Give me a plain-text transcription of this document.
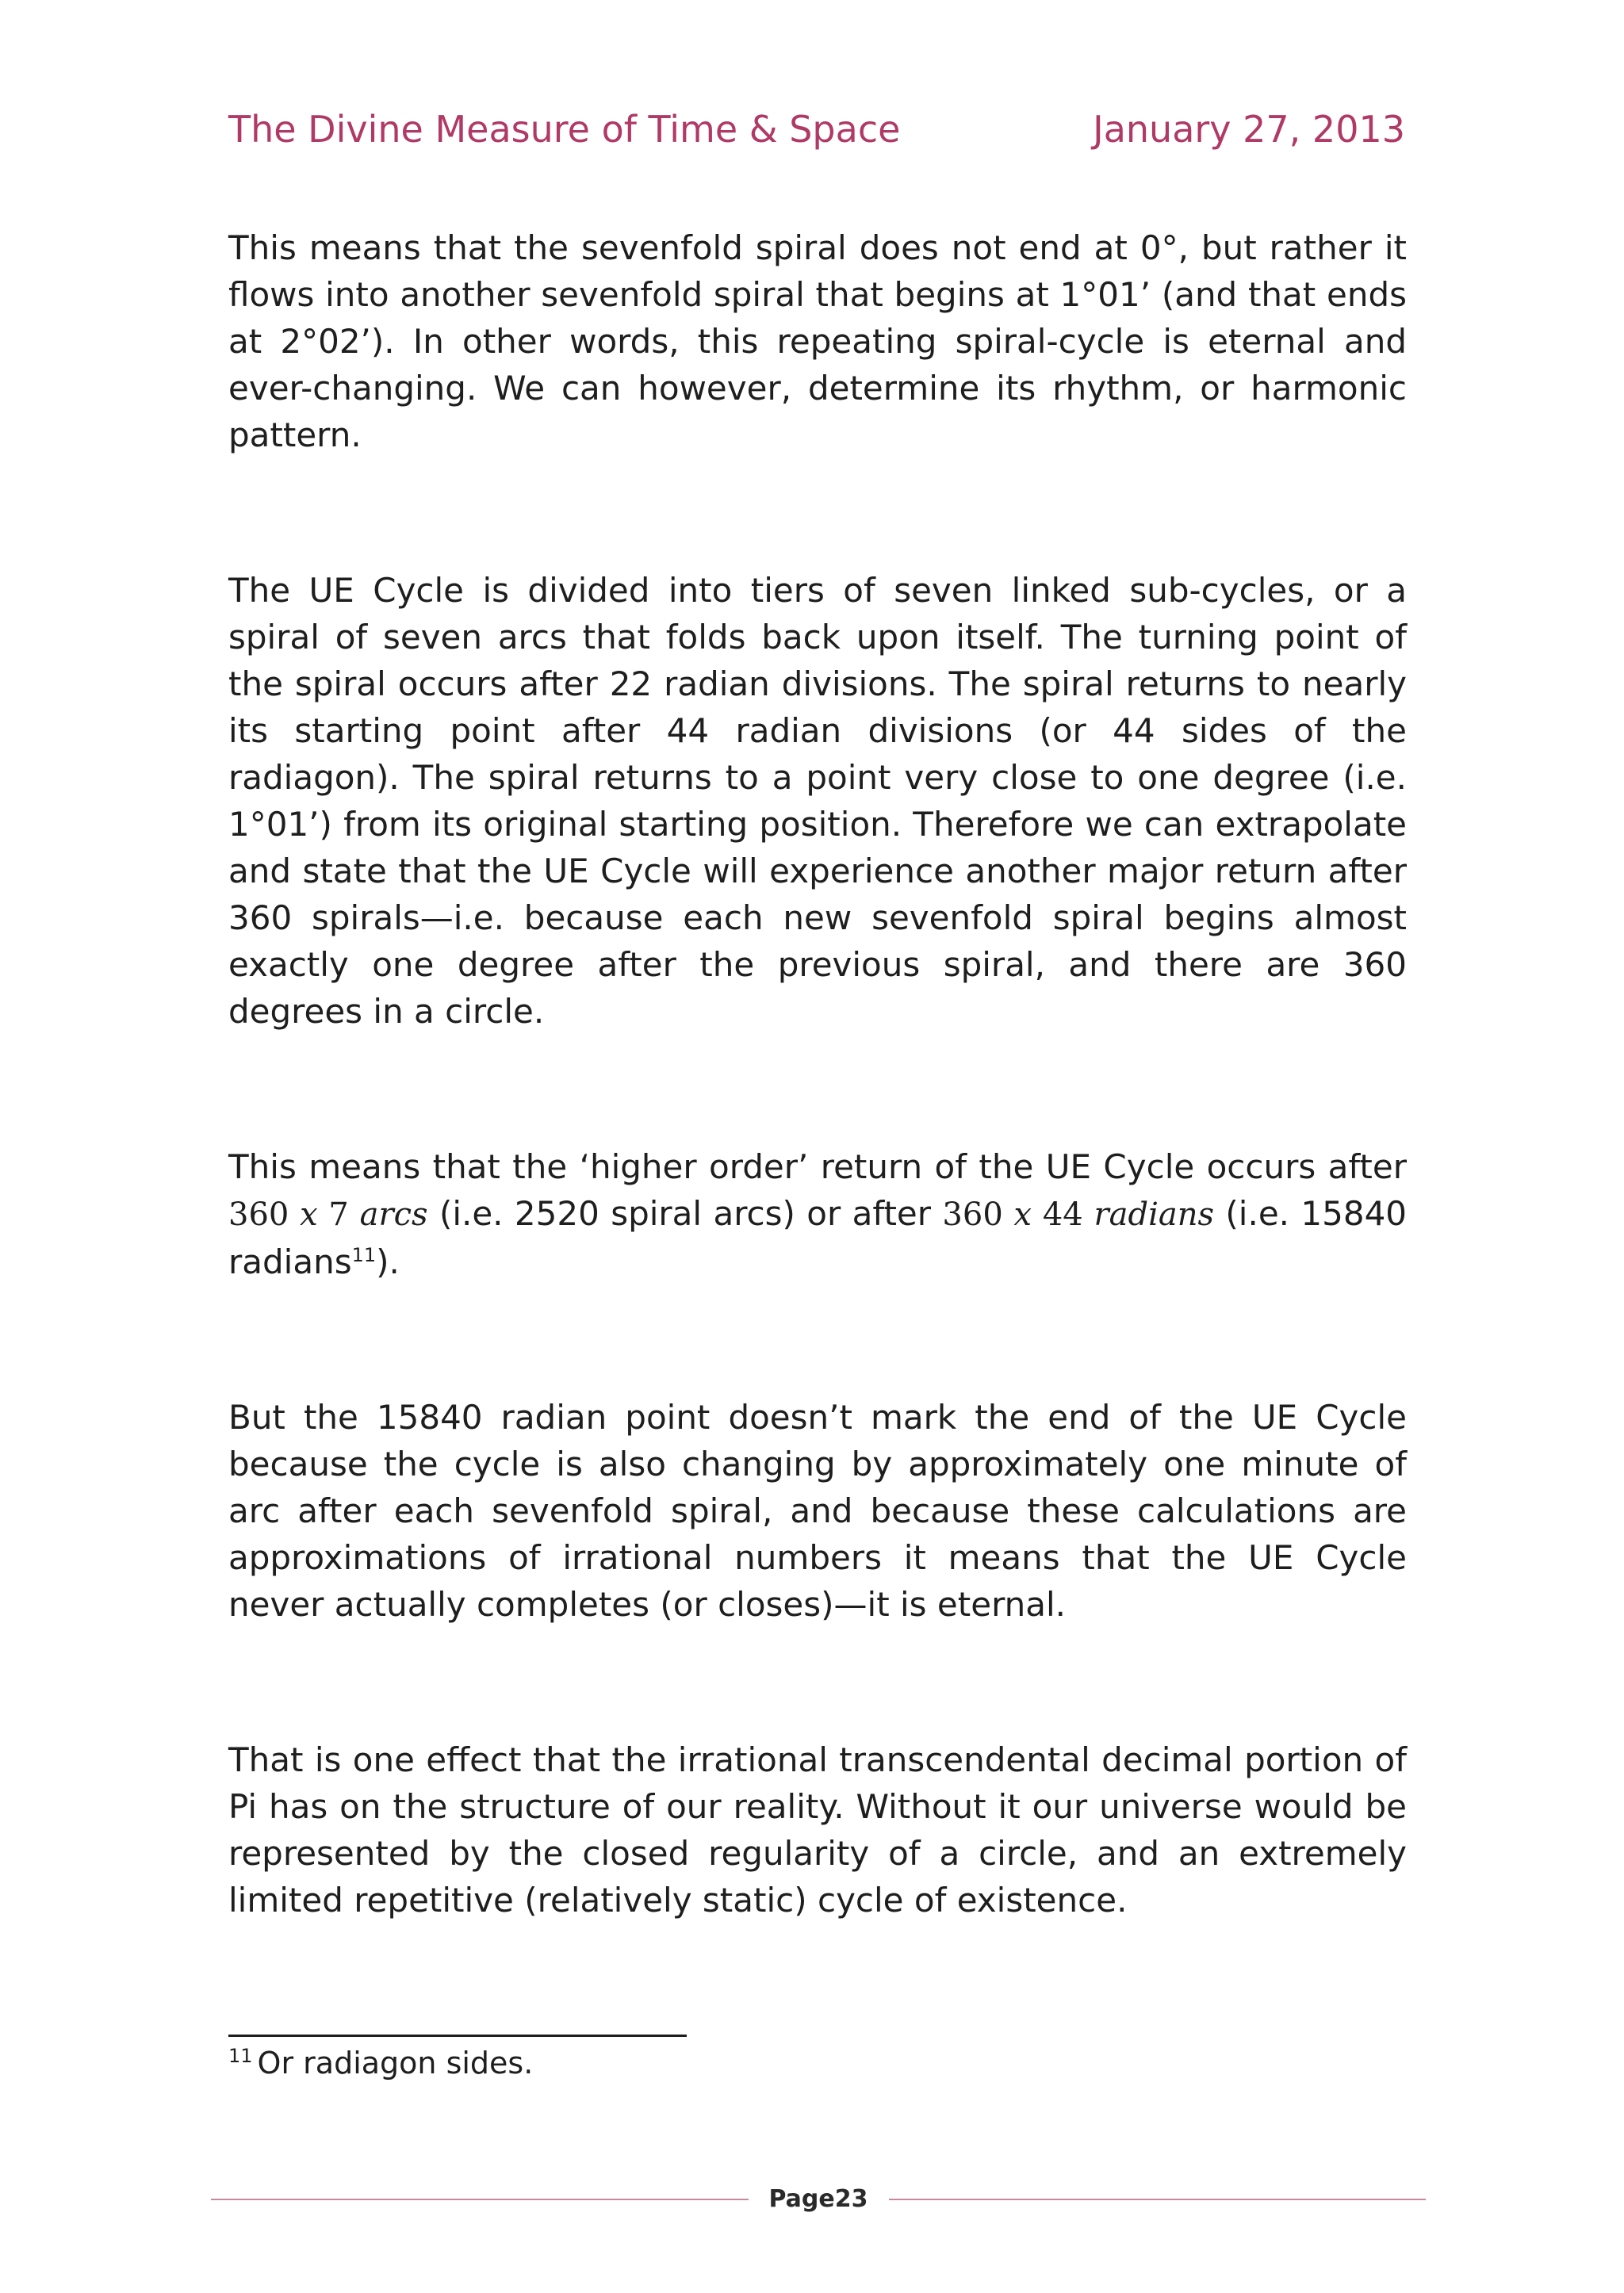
The Divine Measure of Time & Space	January 27, 2013

This means that the sevenfold spiral does not end at 0°, but rather it flows into another sevenfold spiral that begins at 1°01’ (and that ends at 2°02’). In other words, this repeating spiral-cycle is eternal and ever-changing. We can however, determine its rhythm, or harmonic pattern.

The UE Cycle is divided into tiers of seven linked sub-cycles, or a spiral of seven arcs that folds back upon itself. The turning point of the spiral occurs after 22 radian divisions. The spiral returns to nearly its starting point after 44 radian divisions (or 44 sides of the radiagon). The spiral returns to a point very close to one degree (i.e. 1°01’) from its original starting position. Therefore we can extrapolate and state that the UE Cycle will experience another major return after 360 spirals—i.e. because each new sevenfold spiral begins almost exactly one degree after the previous spiral, and there are 360 degrees in a circle.

This means that the ‘higher order’ return of the UE Cycle occurs after 360 x 7 arcs (i.e. 2520 spiral arcs) or after 360 x 44 radians (i.e. 15840 radians$^{11}$).

But the 15840 radian point doesn’t mark the end of the UE Cycle because the cycle is also changing by approximately one minute of arc after each sevenfold spiral, and because these calculations are approximations of irrational numbers it means that the UE Cycle never actually completes (or closes)—it is eternal.

That is one effect that the irrational transcendental decimal portion of Pi has on the structure of our reality. Without it our universe would be represented by the closed regularity of a circle, and an extremely limited repetitive (relatively static) cycle of existence.

$^{11}$ Or radiagon sides.
Page23
